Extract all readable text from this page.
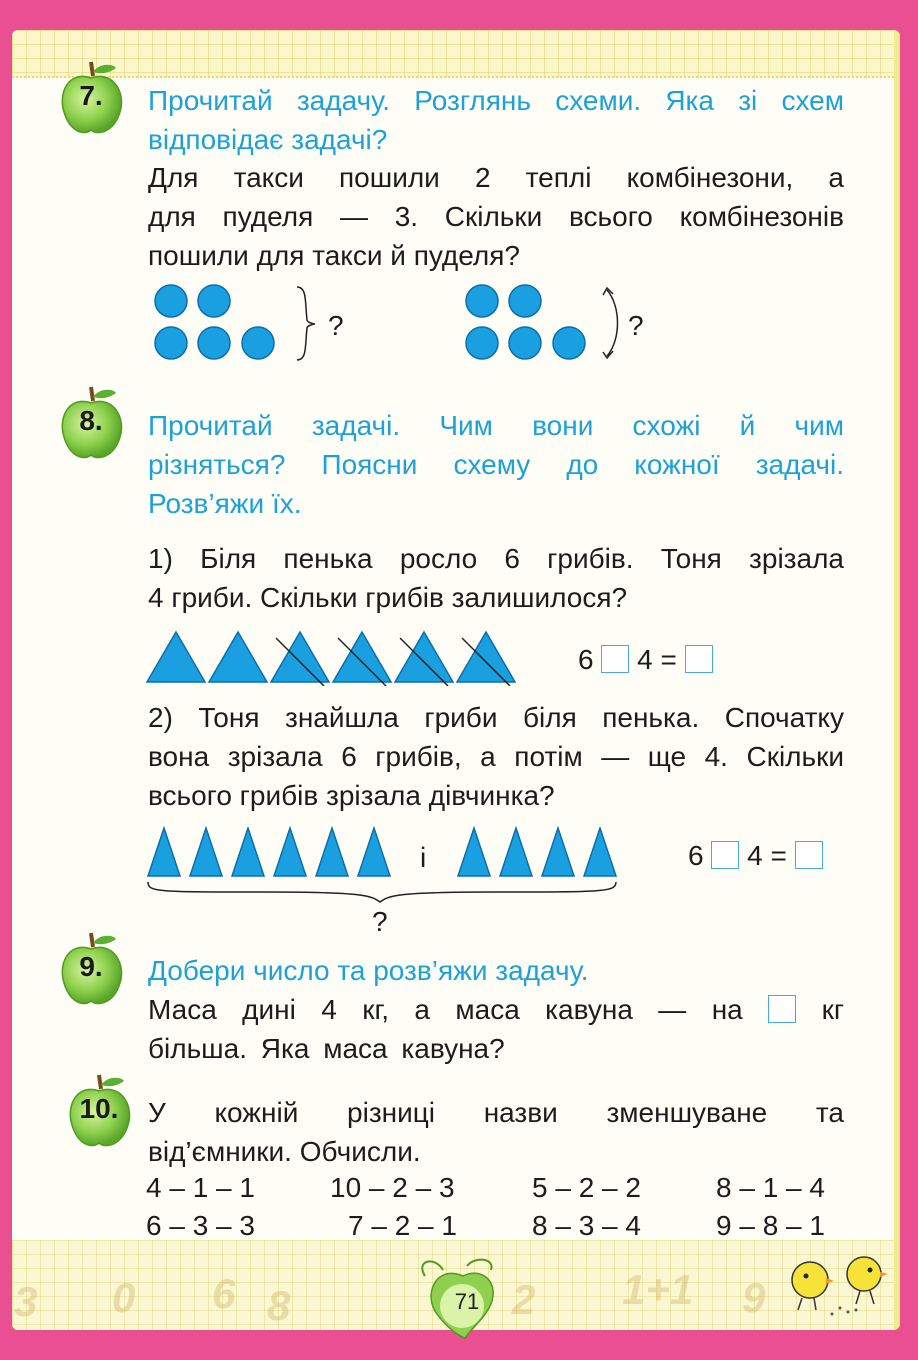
3 0 6 8	2 1+1 9
7.
8.
9.
10.
Прочитай задачу. Розглянь схеми. Яка зі схем
відповідає задачі?
Для такси пошили 2 теплі комбінезони, а
для пуделя — 3. Скільки всього комбінезонів
пошили для такси й пуделя?
?	?
Прочитай задачі. Чим вони схожі й чим
різняться? Поясни схему до кожної задачі.
Розв’яжи їх.
1) Біля пенька росло 6 грибів. Тоня зрізала
4 гриби. Скільки грибів залишилося?
6 4 =
2) Тоня знайшла гриби біля пенька. Спочатку
вона зрізала 6 грибів, а потім — ще 4. Скільки
всього грибів зрізала дівчинка?
і
?
6 4 =
Добери число та розв’яжи задачу.
Маса дині 4 кг, а маса кавуна — на	кг
більша. Яка маса кавуна?
У кожній різниці назви зменшуване та
від’ємники. Обчисли.
4 – 1 – 1	10 – 2 – 3	5 – 2 – 2	8 – 1 – 4
6 – 3 – 3	7 – 2 – 1	8 – 3 – 4	9 – 8 – 1
71
